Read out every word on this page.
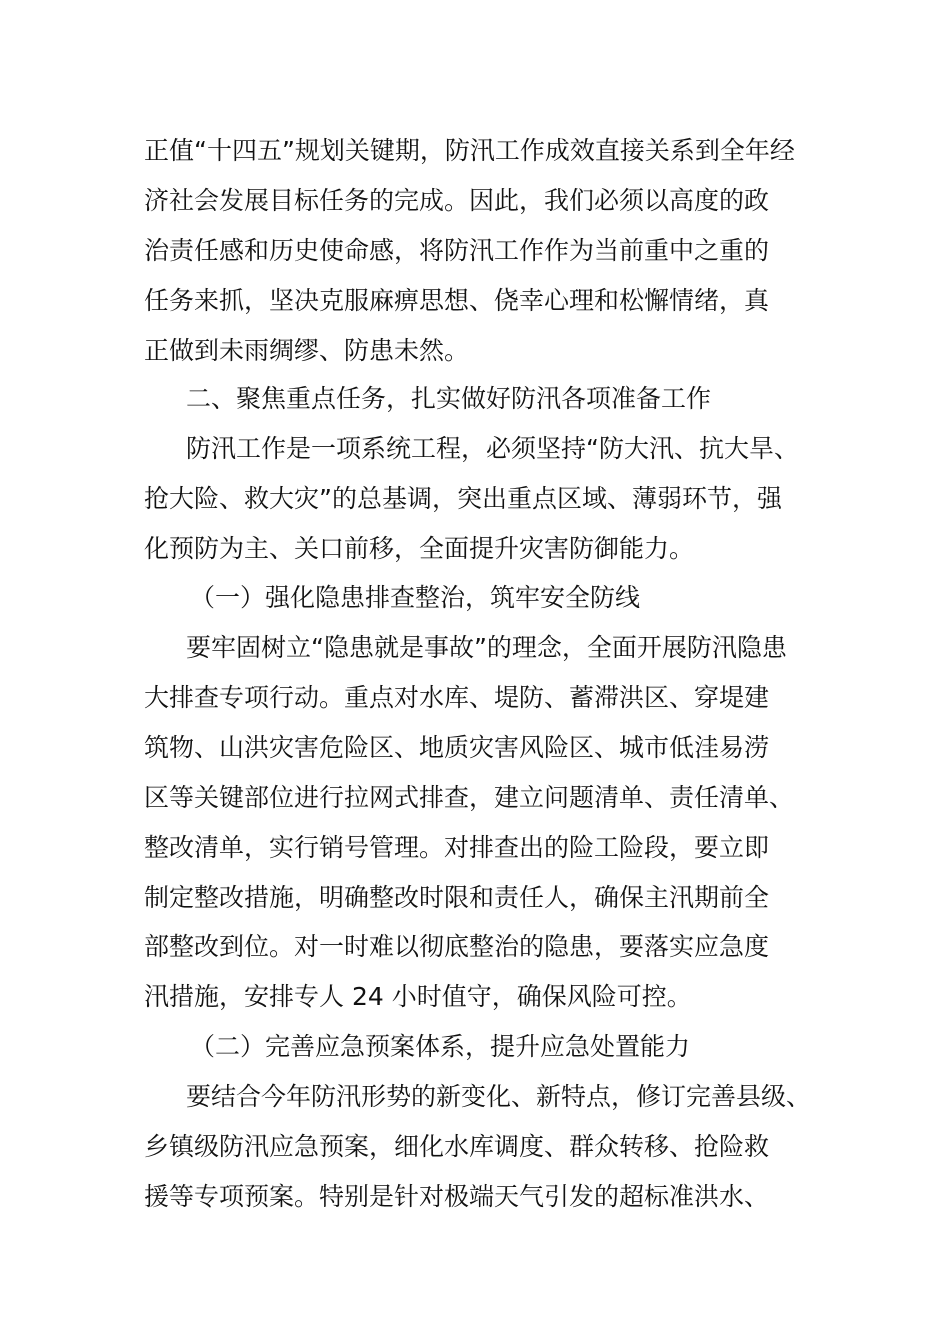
正值“十四五”规划关键期，防汛工作成效直接关系到全年经

济社会发展目标任务的完成。因此，我们必须以高度的政

治责任感和历史使命感，将防汛工作作为当前重中之重的

任务来抓，坚决克服麻痹思想、侥幸心理和松懈情绪，真

正做到未雨绸缪、防患未然。

二、聚焦重点任务，扎实做好防汛各项准备工作

防汛工作是一项系统工程，必须坚持“防大汛、抗大旱、

抢大险、救大灾”的总基调，突出重点区域、薄弱环节，强

化预防为主、关口前移，全面提升灾害防御能力。

（一）强化隐患排查整治，筑牢安全防线

要牢固树立“隐患就是事故”的理念，全面开展防汛隐患

大排查专项行动。重点对水库、堤防、蓄滞洪区、穿堤建

筑物、山洪灾害危险区、地质灾害风险区、城市低洼易涝

区等关键部位进行拉网式排查，建立问题清单、责任清单、

整改清单，实行销号管理。对排查出的险工险段，要立即

制定整改措施，明确整改时限和责任人，确保主汛期前全

部整改到位。对一时难以彻底整治的隐患，要落实应急度

汛措施，安排专人 24 小时值守，确保风险可控。

（二）完善应急预案体系，提升应急处置能力

要结合今年防汛形势的新变化、新特点，修订完善县级、

乡镇级防汛应急预案，细化水库调度、群众转移、抢险救

援等专项预案。特别是针对极端天气引发的超标准洪水、
